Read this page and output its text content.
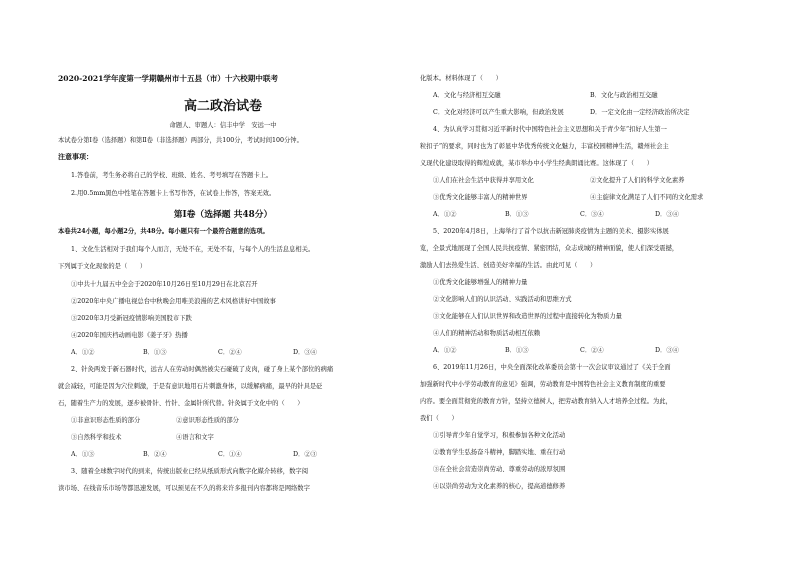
2020-2021学年度第一学期赣州市十五县（市）十六校期中联考
高二政治试卷
命题人、审题人：信丰中学　安远一中
本试卷分第Ⅰ卷（选择题）和第Ⅱ卷（非选择题）两部分，共100分，考试时间100分钟。
注意事项：
1.答卷前，考生务必将自己的学校、班级、姓名、考号填写在答题卡上。
2.用0.5mm黑色中性笔在答题卡上书写作答，在试卷上作答，答案无效。
第Ⅰ卷（选择题 共48分）
本卷共24小题，每小题2分，共48分。每小题只有一个最符合题意的选项。
1、文化生活相对于我们每个人而言，无处不在，无处不有，与每个人的生活息息相关。
下列属于文化现象的是（　　）
①中共十九届五中全会于2020年10月26日至10月29日在北京召开
②2020年中央广播电视总台中秋晚会用唯美浪漫的艺术风格讲好中国故事
③2020年3月受新冠疫情影响美国股市下跌
④2020年国庆档动画电影《姜子牙》热播
A．①②	B．①③	C．②④	D．③④
2、针灸两发于新石器时代，远古人在劳动时偶然被尖石碰破了皮肉，碰了身上某个部位的病痛
就会减轻，可能是因为穴位刺激，于是有意识地用石片刺激身体，以缓解病痛，最早的针具是砭
石，随着生产力的发展，逐步被骨针、竹针、金属针所代替。针灸属于文化中的（　　）
①非意识形态性质的部分	②意识形态性质的部分
③自然科学和技术	④语言和文字
A．①③	B．②④	C．①④	D．②③
3、随着全球数字时代的到来，传统出版业已经从纸质形式向数字化媒介转移，数字阅
读市场、在线音乐市场等都迅速发展，可以预见在不久的将来许多报刊内容都将是网络数字
化版本。材料体现了（　　）
A．文化与经济相互交融	B．文化与政治相互交融
C．文化对经济可以产生重大影响，但政治发展	D．一定文化由一定经济政治所决定
4、为认真学习贯彻习近平新时代中国特色社会主义思想和关于青少年“扣好人生第一
粒扣子”的要求，同时也为了彰显中华优秀传统文化魅力，丰富校园精神生活，赣州社会主
义现代化建设取得的辉煌成就，某市举办中小学生经典朗诵比赛。这体现了（　　）
①人们在社会生活中获得并享用文化	②文化提升了人们的科学文化素养
③优秀文化能够丰富人的精神世界	④主旋律文化满足了人们不同的文化需求
A．①②	B．①③	C．③④	D．③④
5、2020年4月8日，上海举行了首个以抗击新冠肺炎疫情为主题的美术、摄影实体展
览，全景式地展现了全国人民共抗疫情、紧密团结，众志成城的精神面貌，使人们深受震撼，
激励人们去热爱生活、创造美好幸福的生活。由此可见（　　）
①优秀文化能够增强人的精神力量
②文化影响人们的认识活动、实践活动和思维方式
③文化能够在人们认识世界和改造世界的过程中直接转化为物质力量
④人们的精神活动和物质活动相互依赖
A．①②	B．①③	C．②④	D．③④
6、2019年11月26日，中央全面深化改革委员会第十一次会议审议通过了《关于全面
加强新时代中小学劳动教育的意见》强调，劳动教育是中国特色社会主义教育制度的重要
内容。要全面贯彻党的教育方针，坚持立德树人，把劳动教育纳入人才培养全过程。为此，
我们（　　）
①引导青少年自觉学习，积极参加各种文化活动
②教育学生弘扬奋斗精神，脚踏实地、重在行动
③在全社会营造崇尚劳动、尊重劳动的浓厚氛围
④以崇尚劳动为文化素养的核心，提高道德修养
